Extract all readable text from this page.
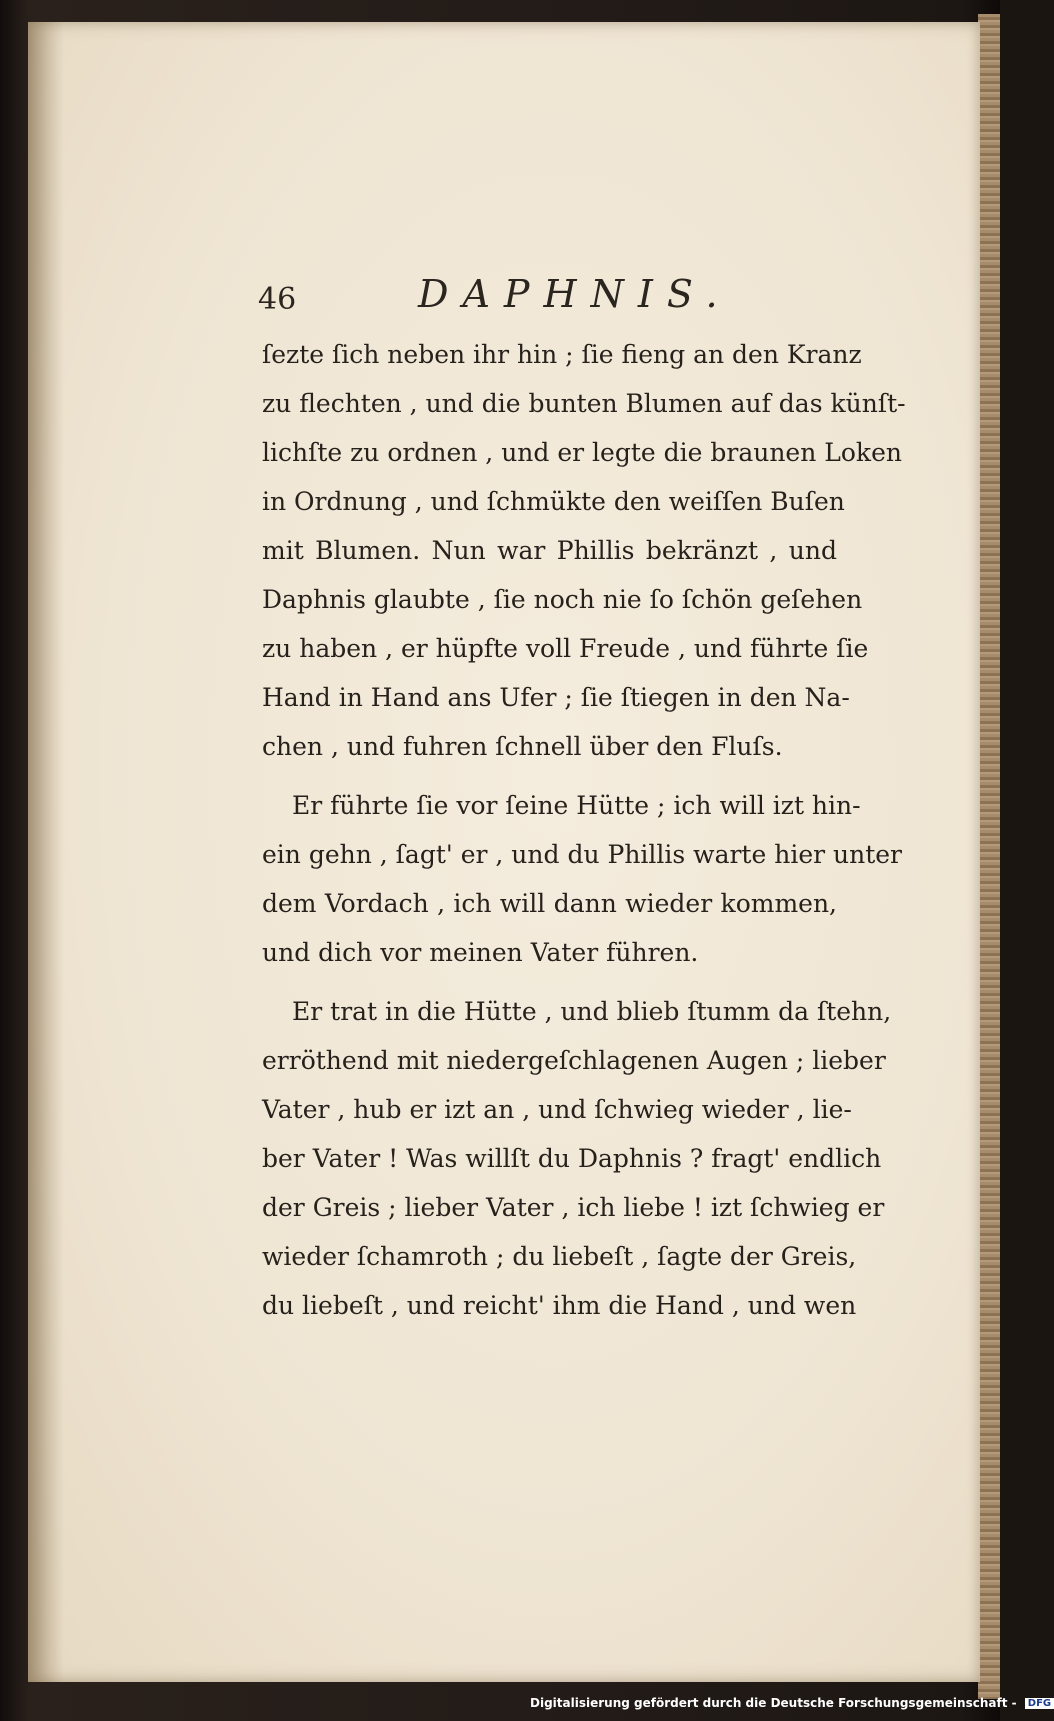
46	DAPHNIS.
ſezte ſich neben ihr hin ; ſie fieng an den Kranz
zu flechten , und die bunten Blumen auf das künſt-
lichſte zu ordnen , und er legte die braunen Loken
in Ordnung , und ſchmükte den weiſſen Buſen
mit Blumen. Nun war Phillis bekränzt , und
Daphnis glaubte , ſie noch nie ſo ſchön geſehen
zu haben , er hüpfte voll Freude , und führte ſie
Hand in Hand ans Ufer ; ſie ſtiegen in den Na-
chen , und fuhren ſchnell über den Fluſs.
Er führte ſie vor ſeine Hütte ; ich will izt hin-
ein gehn , ſagt' er , und du Phillis warte hier unter
dem Vordach , ich will dann wieder kommen,
und dich vor meinen Vater führen.
Er trat in die Hütte , und blieb ſtumm da ſtehn,
erröthend mit niedergeſchlagenen Augen ; lieber
Vater , hub er izt an , und ſchwieg wieder , lie-
ber Vater ! Was willſt du Daphnis ? fragt' endlich
der Greis ; lieber Vater , ich liebe ! izt ſchwieg er
wieder ſchamroth ; du liebeſt , ſagte der Greis,
du liebeſt , und reicht' ihm die Hand , und wen
Digitalisierung gefördert durch die Deutsche Forschungsgemeinschaft - DFG
